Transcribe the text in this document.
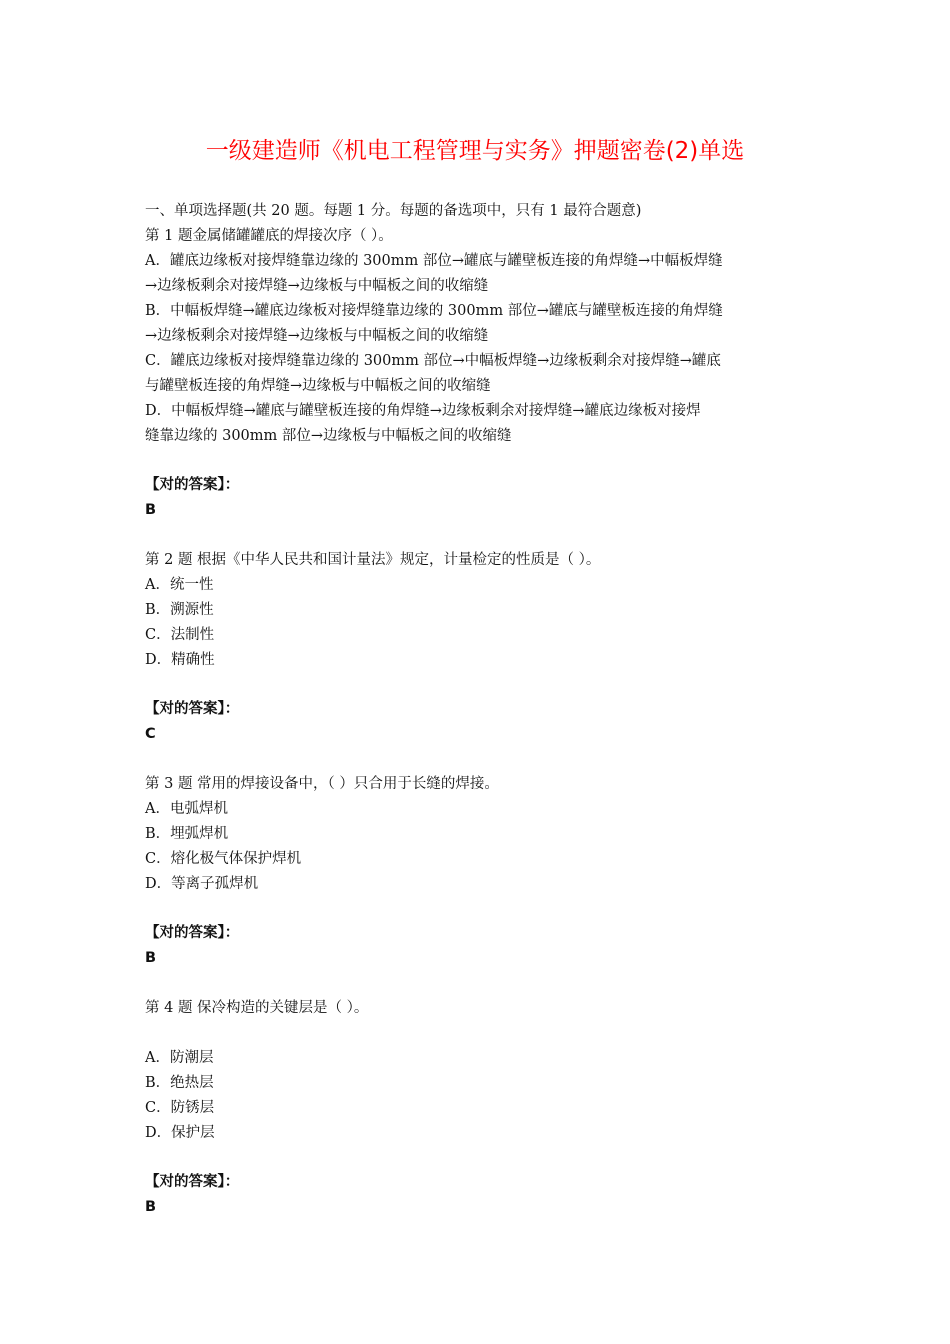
一级建造师《机电工程管理与实务》押题密卷(2)单选
一、单项选择题(共 20 题。每题 1 分。每题的备选项中，只有 1 最符合题意)
第 1 题金属储罐罐底的焊接次序（ ）。
A．罐底边缘板对接焊缝靠边缘的 300mm 部位→罐底与罐壁板连接的角焊缝→中幅板焊缝
→边缘板剩余对接焊缝→边缘板与中幅板之间的收缩缝
B．中幅板焊缝→罐底边缘板对接焊缝靠边缘的 300mm 部位→罐底与罐壁板连接的角焊缝
→边缘板剩余对接焊缝→边缘板与中幅板之间的收缩缝
C．罐底边缘板对接焊缝靠边缘的 300mm 部位→中幅板焊缝→边缘板剩余对接焊缝→罐底
与罐壁板连接的角焊缝→边缘板与中幅板之间的收缩缝
D．中幅板焊缝→罐底与罐壁板连接的角焊缝→边缘板剩余对接焊缝→罐底边缘板对接焊
缝靠边缘的 300mm 部位→边缘板与中幅板之间的收缩缝
【对的答案】：
B
第 2 题 根据《中华人民共和国计量法》规定，计量检定的性质是（ ）。
A．统一性
B．溯源性
C．法制性
D．精确性
【对的答案】：
C
第 3 题 常用的焊接设备中，（ ）只合用于长缝的焊接。
A．电弧焊机
B．埋弧焊机
C．熔化极气体保护焊机
D．等离子孤焊机
【对的答案】：
B
第 4 题 保冷构造的关键层是（ ）。
A．防潮层
B．绝热层
C．防锈层
D．保护层
【对的答案】：
B
